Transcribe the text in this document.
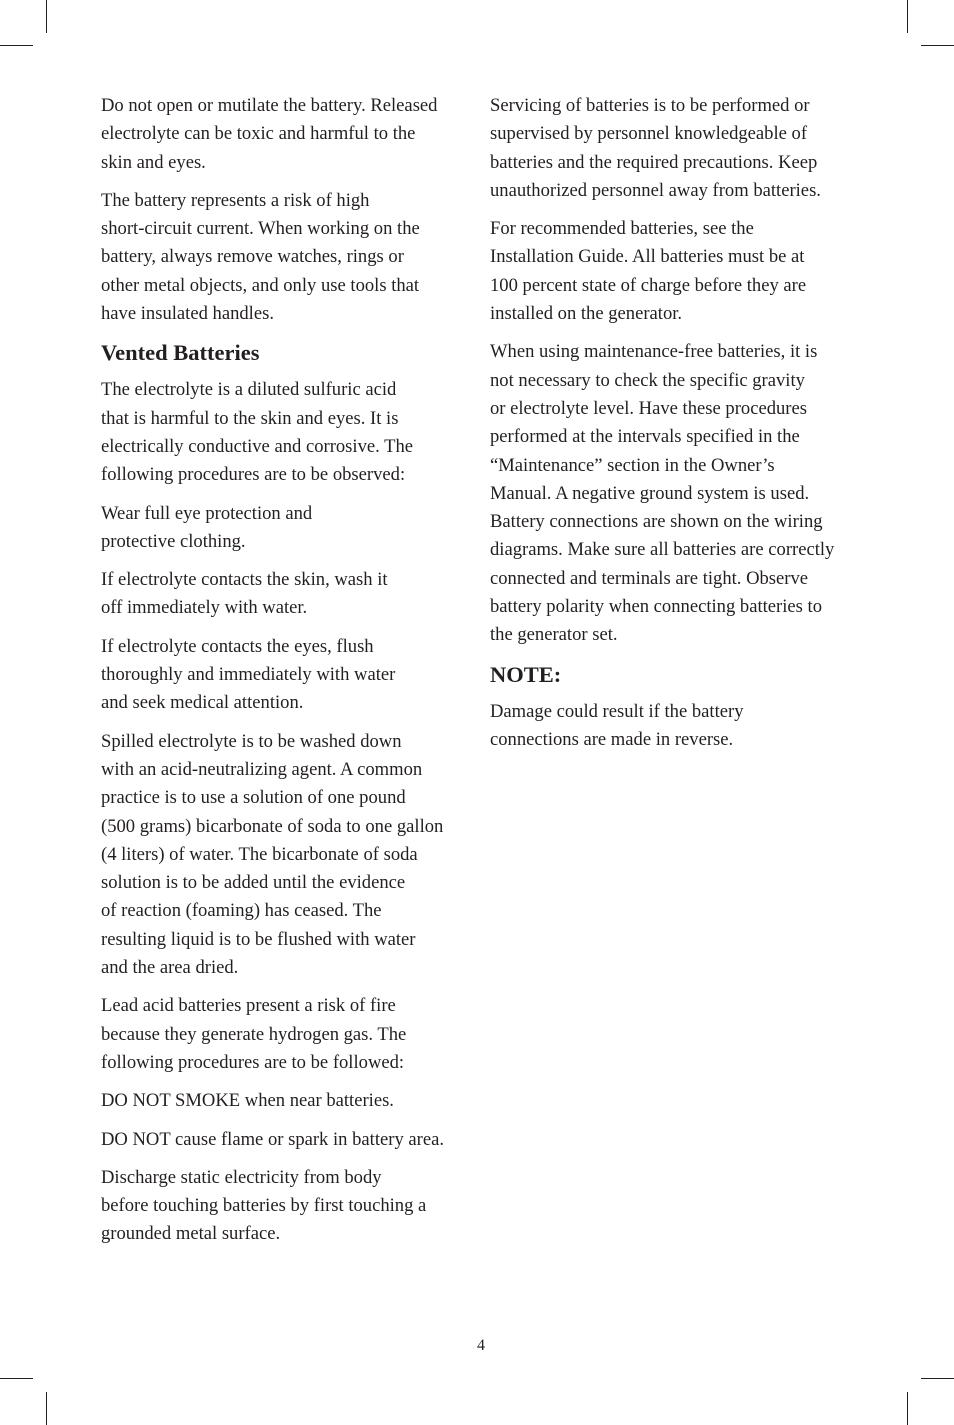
Do not open or mutilate the battery. Released
electrolyte can be toxic and harmful to the
skin and eyes.

The battery represents a risk of high
short-circuit current. When working on the
battery, always remove watches, rings or
other metal objects, and only use tools that
have insulated handles.

Vented Batteries

The electrolyte is a diluted sulfuric acid
that is harmful to the skin and eyes. It is
electrically conductive and corrosive. The
following procedures are to be observed:

Wear full eye protection and
protective clothing.

If electrolyte contacts the skin, wash it
off immediately with water.

If electrolyte contacts the eyes, flush
thoroughly and immediately with water
and seek medical attention.

Spilled electrolyte is to be washed down
with an acid-neutralizing agent. A common
practice is to use a solution of one pound
(500 grams) bicarbonate of soda to one gallon
(4 liters) of water. The bicarbonate of soda
solution is to be added until the evidence
of reaction (foaming) has ceased. The
resulting liquid is to be flushed with water
and the area dried.

Lead acid batteries present a risk of fire
because they generate hydrogen gas. The
following procedures are to be followed:

DO NOT SMOKE when near batteries.

DO NOT cause flame or spark in battery area.

Discharge static electricity from body
before touching batteries by first touching a
grounded metal surface.

Servicing of batteries is to be performed or
supervised by personnel knowledgeable of
batteries and the required precautions. Keep
unauthorized personnel away from batteries.

For recommended batteries, see the
Installation Guide. All batteries must be at
100 percent state of charge before they are
installed on the generator.

When using maintenance-free batteries, it is
not necessary to check the specific gravity
or electrolyte level. Have these procedures
performed at the intervals specified in the
“Maintenance” section in the Owner’s
Manual. A negative ground system is used.
Battery connections are shown on the wiring
diagrams. Make sure all batteries are correctly
connected and terminals are tight. Observe
battery polarity when connecting batteries to
the generator set.

NOTE:

Damage could result if the battery
connections are made in reverse.

4
